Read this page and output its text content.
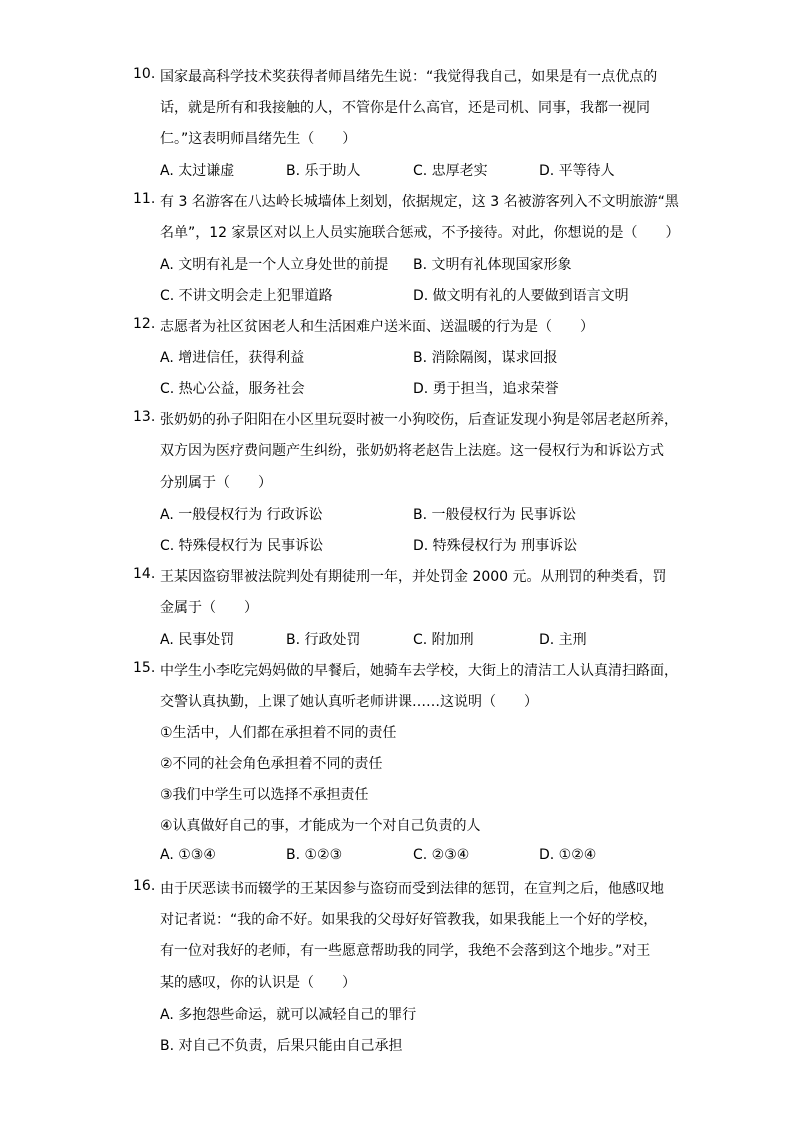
10. 国家最高科学技术奖获得者师昌绪先生说：“我觉得我自己，如果是有一点优点的
话，就是所有和我接触的人，不管你是什么高官，还是司机、同事，我都一视同
仁。”这表明师昌绪先生（　　）
A. 太过谦虚	B. 乐于助人	C. 忠厚老实	D. 平等待人
11. 有 3 名游客在八达岭长城墙体上刻划，依据规定，这 3 名被游客列入不文明旅游“黑
名单”，12 家景区对以上人员实施联合惩戒，不予接待。对此，你想说的是（　　）
A. 文明有礼是一个人立身处世的前提 B. 文明有礼体现国家形象
C. 不讲文明会走上犯罪道路	D. 做文明有礼的人要做到语言文明
12. 志愿者为社区贫困老人和生活困难户送米面、送温暖的行为是（　　）
A. 增进信任，获得利益	B. 消除隔阂，谋求回报
C. 热心公益，服务社会	D. 勇于担当，追求荣誉
13. 张奶奶的孙子阳阳在小区里玩耍时被一小狗咬伤，后查证发现小狗是邻居老赵所养，
双方因为医疗费问题产生纠纷，张奶奶将老赵告上法庭。这一侵权行为和诉讼方式
分别属于（　　）
A. 一般侵权行为 行政诉讼	B. 一般侵权行为 民事诉讼
C. 特殊侵权行为 民事诉讼	D. 特殊侵权行为 刑事诉讼
14. 王某因盗窃罪被法院判处有期徒刑一年，并处罚金 2000 元。从刑罚的种类看，罚
金属于（　　）
A. 民事处罚	B. 行政处罚	C. 附加刑	D. 主刑
15. 中学生小李吃完妈妈做的早餐后，她骑车去学校，大街上的清洁工人认真清扫路面，
交警认真执勤，上课了她认真听老师讲课……这说明（　　）
①生活中，人们都在承担着不同的责任
②不同的社会角色承担着不同的责任
③我们中学生可以选择不承担责任
④认真做好自己的事，才能成为一个对自己负责的人
A. ①③④	B. ①②③	C. ②③④	D. ①②④
16. 由于厌恶读书而辍学的王某因参与盗窃而受到法律的惩罚，在宣判之后，他感叹地
对记者说：“我的命不好。如果我的父母好好管教我，如果我能上一个好的学校，
有一位对我好的老师，有一些愿意帮助我的同学，我绝不会落到这个地步。”对王
某的感叹，你的认识是（　　）
A. 多抱怨些命运，就可以减轻自己的罪行
B. 对自己不负责，后果只能由自己承担
